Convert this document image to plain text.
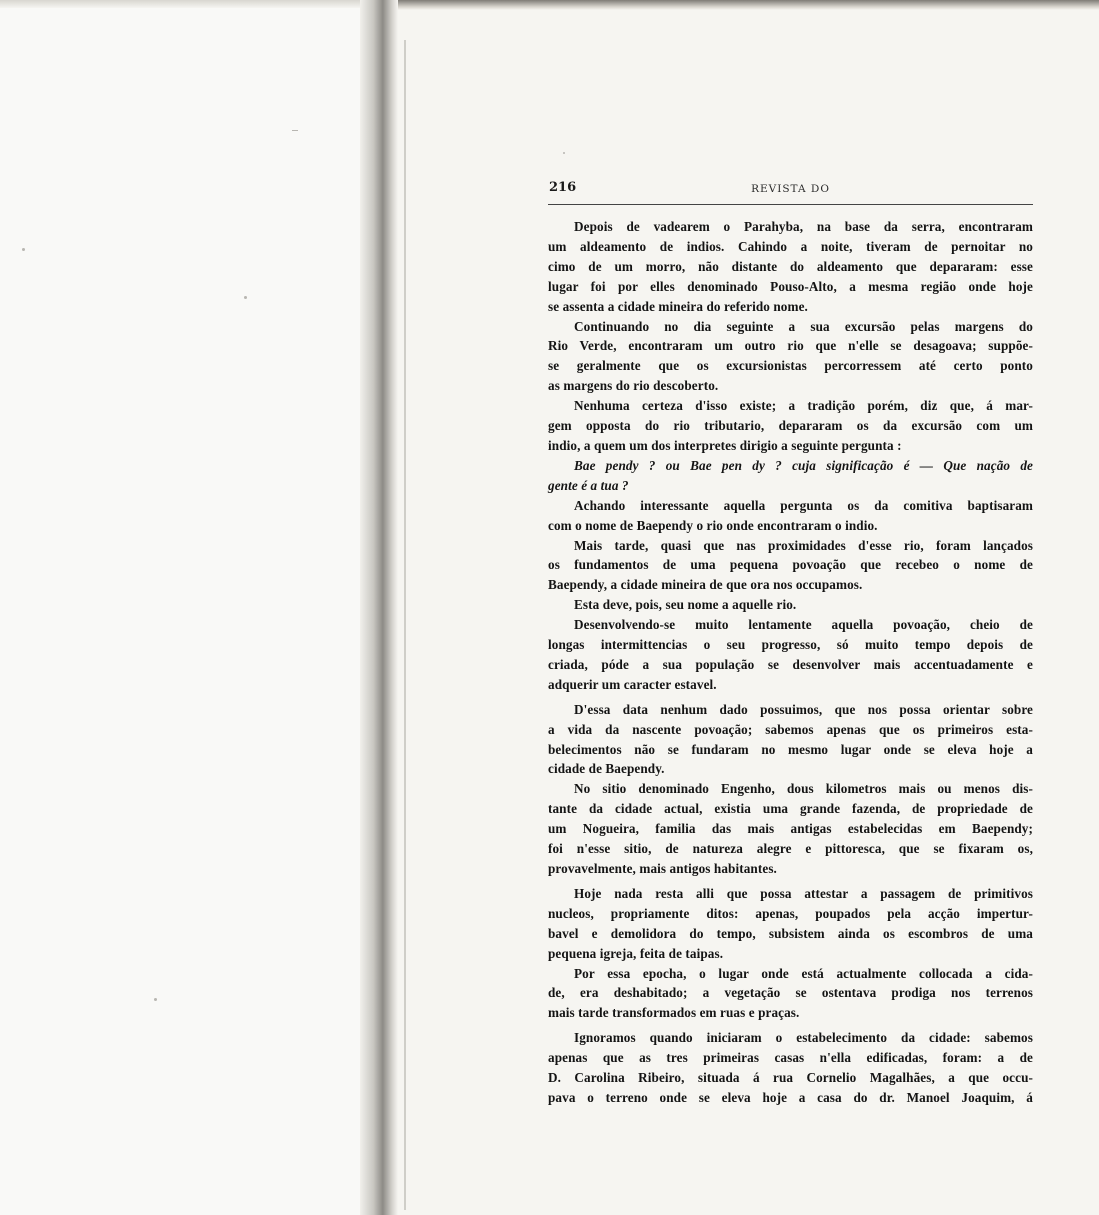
216	REVISTA DO
Depois de vadearem o Parahyba, na base da serra, encontraram
um aldeamento de indios. Cahindo a noite, tiveram de pernoitar no
cimo de um morro, não distante do aldeamento que depararam: esse
lugar foi por elles denominado Pouso-Alto, a mesma região onde hoje
se assenta a cidade mineira do referido nome.
Continuando no dia seguinte a sua excursão pelas margens do
Rio Verde, encontraram um outro rio que n'elle se desagoava; suppõe-
se geralmente que os excursionistas percorressem até certo ponto
as margens do rio descoberto.
Nenhuma certeza d'isso existe; a tradição porém, diz que, á mar-
gem opposta do rio tributario, depararam os da excursão com um
indio, a quem um dos interpretes dirigio a seguinte pergunta :
Bae pendy ? ou Bae pen dy ? cuja significação é — Que nação de
gente é a tua ?
Achando interessante aquella pergunta os da comitiva baptisaram
com o nome de Baependy o rio onde encontraram o indio.
Mais tarde, quasi que nas proximidades d'esse rio, foram lançados
os fundamentos de uma pequena povoação que recebeo o nome de
Baependy, a cidade mineira de que ora nos occupamos.
Esta deve, pois, seu nome a aquelle rio.
Desenvolvendo-se muito lentamente aquella povoação, cheio de
longas intermittencias o seu progresso, só muito tempo depois de
criada, póde a sua população se desenvolver mais accentuadamente e
adquerir um caracter estavel.
D'essa data nenhum dado possuimos, que nos possa orientar sobre
a vida da nascente povoação; sabemos apenas que os primeiros esta-
belecimentos não se fundaram no mesmo lugar onde se eleva hoje a
cidade de Baependy.
No sitio denominado Engenho, dous kilometros mais ou menos dis-
tante da cidade actual, existia uma grande fazenda, de propriedade de
um Nogueira, familia das mais antigas estabelecidas em Baependy;
foi n'esse sitio, de natureza alegre e pittoresca, que se fixaram os,
provavelmente, mais antigos habitantes.
Hoje nada resta alli que possa attestar a passagem de primitivos
nucleos, propriamente ditos: apenas, poupados pela acção impertur-
bavel e demolidora do tempo, subsistem ainda os escombros de uma
pequena igreja, feita de taipas.
Por essa epocha, o lugar onde está actualmente collocada a cida-
de, era deshabitado; a vegetação se ostentava prodiga nos terrenos
mais tarde transformados em ruas e praças.
Ignoramos quando iniciaram o estabelecimento da cidade: sabemos
apenas que as tres primeiras casas n'ella edificadas, foram: a de
D. Carolina Ribeiro, situada á rua Cornelio Magalhães, a que occu-
pava o terreno onde se eleva hoje a casa do dr. Manoel Joaquim, á
